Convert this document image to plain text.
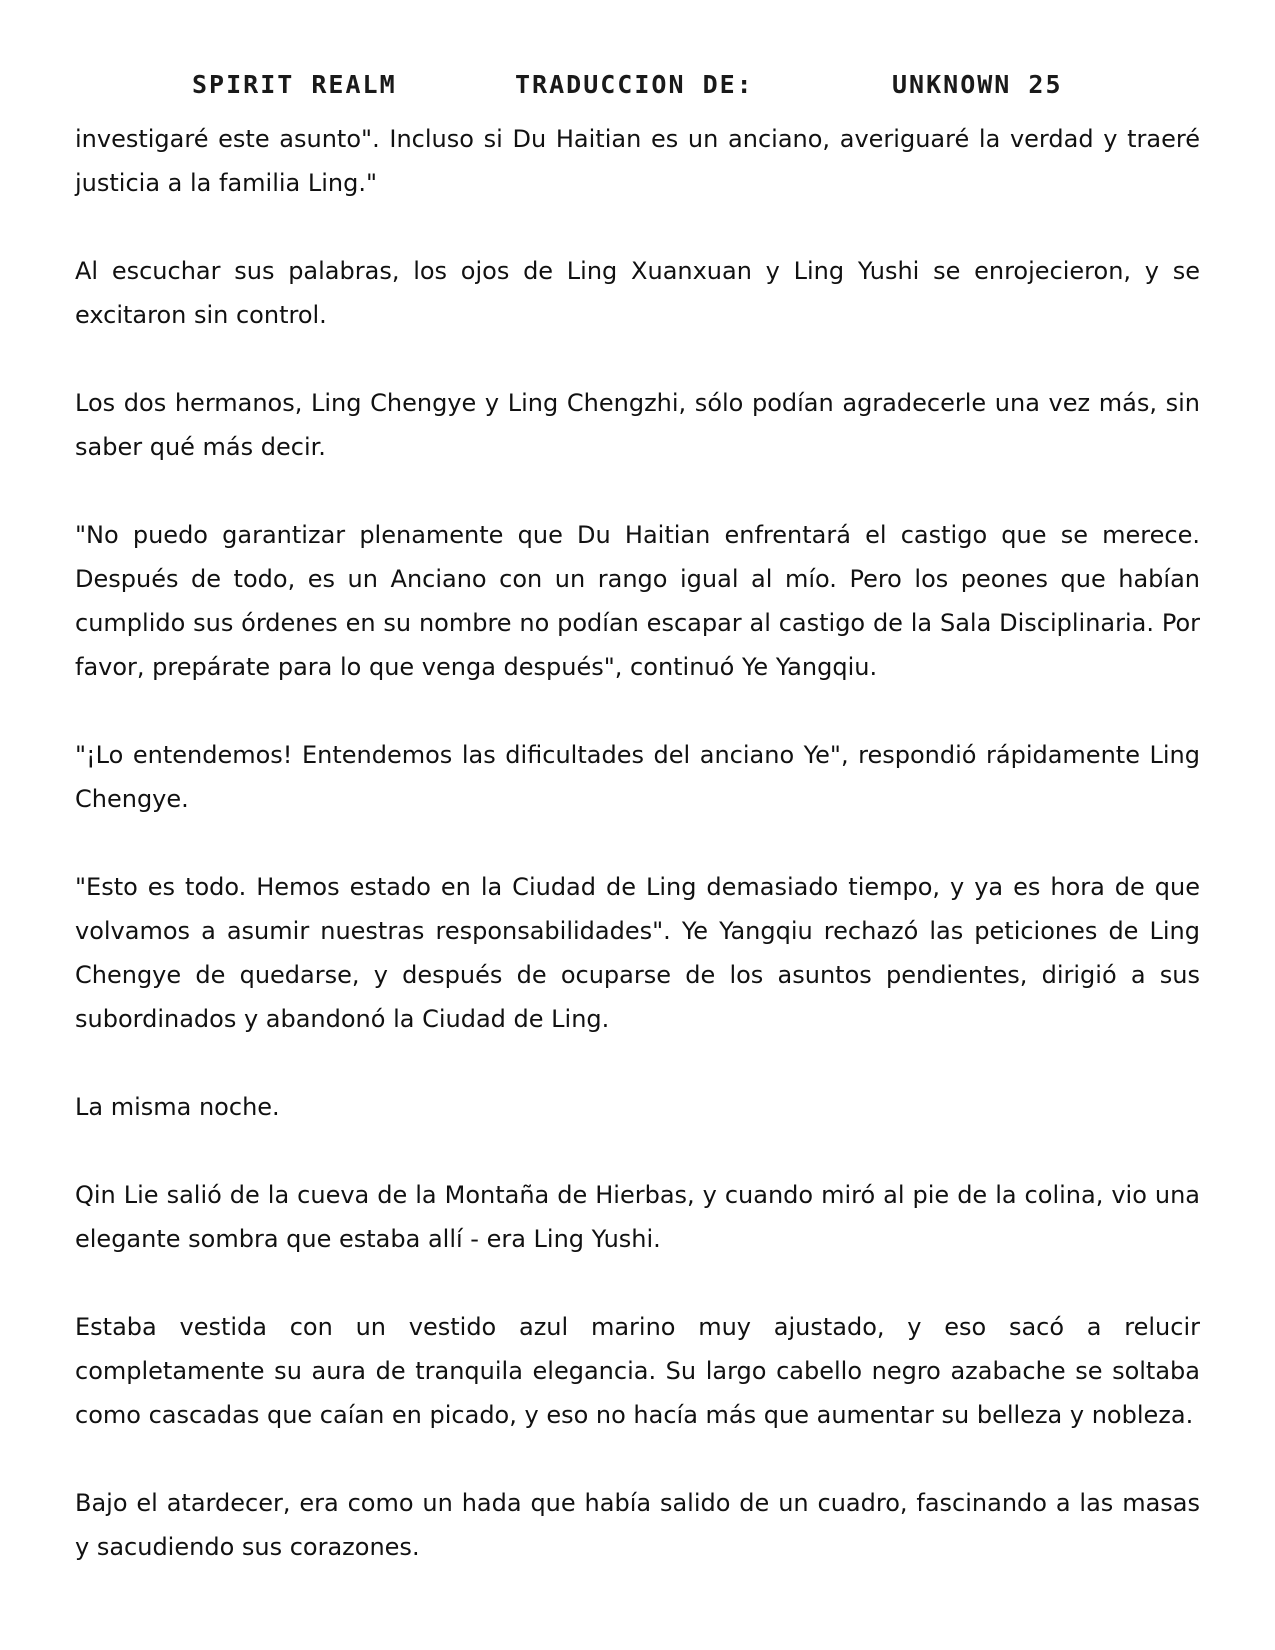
SPIRIT REALM	TRADUCCION DE:	UNKNOWN 25

investigaré este asunto". Incluso si Du Haitian es un anciano, averiguaré la verdad y traeré justicia a la familia Ling."

Al escuchar sus palabras, los ojos de Ling Xuanxuan y Ling Yushi se enrojecieron, y se excitaron sin control.

Los dos hermanos, Ling Chengye y Ling Chengzhi, sólo podían agradecerle una vez más, sin saber qué más decir.

"No puedo garantizar plenamente que Du Haitian enfrentará el castigo que se merece. Después de todo, es un Anciano con un rango igual al mío. Pero los peones que habían cumplido sus órdenes en su nombre no podían escapar al castigo de la Sala Disciplinaria. Por favor, prepárate para lo que venga después", continuó Ye Yangqiu.

"¡Lo entendemos! Entendemos las dificultades del anciano Ye", respondió rápidamente Ling Chengye.

"Esto es todo. Hemos estado en la Ciudad de Ling demasiado tiempo, y ya es hora de que volvamos a asumir nuestras responsabilidades". Ye Yangqiu rechazó las peticiones de Ling Chengye de quedarse, y después de ocuparse de los asuntos pendientes, dirigió a sus subordinados y abandonó la Ciudad de Ling.

La misma noche.

Qin Lie salió de la cueva de la Montaña de Hierbas, y cuando miró al pie de la colina, vio una elegante sombra que estaba allí - era Ling Yushi.

Estaba vestida con un vestido azul marino muy ajustado, y eso sacó a relucir completamente su aura de tranquila elegancia. Su largo cabello negro azabache se soltaba como cascadas que caían en picado, y eso no hacía más que aumentar su belleza y nobleza.

Bajo el atardecer, era como un hada que había salido de un cuadro, fascinando a las masas y sacudiendo sus corazones.
